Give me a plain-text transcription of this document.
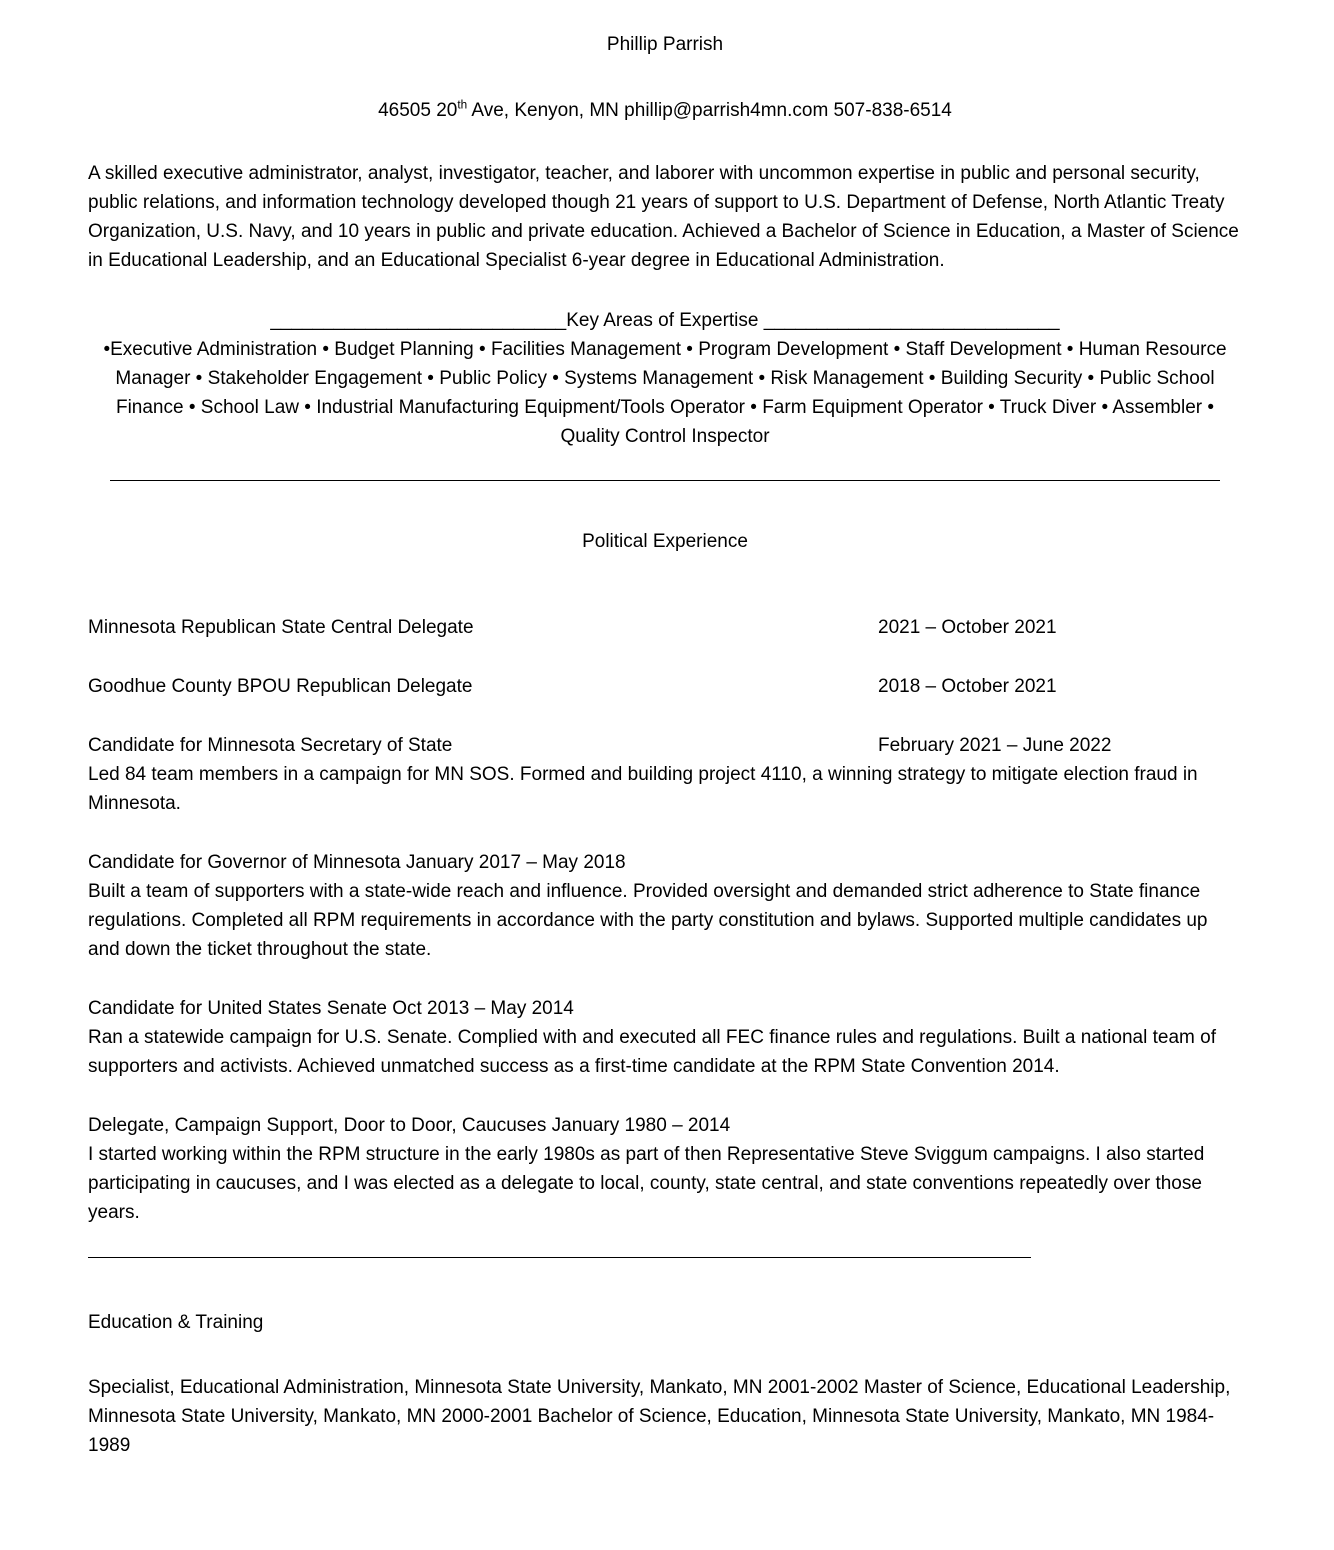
Phillip Parrish

46505 20th Ave, Kenyon, MN phillip@parrish4mn.com 507-838-6514

A skilled executive administrator, analyst, investigator, teacher, and laborer with uncommon expertise in public and personal security, public relations, and information technology developed though 21 years of support to U.S. Department of Defense, North Atlantic Treaty Organization, U.S. Navy, and 10 years in public and private education. Achieved a Bachelor of Science in Education, a Master of Science in Educational Leadership, and an Educational Specialist 6-year degree in Educational Administration.

____________________________Key Areas of Expertise ____________________________

•Executive Administration • Budget Planning • Facilities Management • Program Development • Staff Development • Human Resource Manager • Stakeholder Engagement • Public Policy • Systems Management • Risk Management • Building Security • Public School Finance • School Law • Industrial Manufacturing Equipment/Tools Operator • Farm Equipment Operator • Truck Diver • Assembler • Quality Control Inspector

Political Experience
Minnesota Republican State Central Delegate	2021 – October 2021

Goodhue County BPOU Republican Delegate	2018 – October 2021

Candidate for Minnesota Secretary of State	February 2021 – June 2022

Led 84 team members in a campaign for MN SOS. Formed and building project 4110, a winning strategy to mitigate election fraud in Minnesota.

Candidate for Governor of Minnesota January 2017 – May 2018

Built a team of supporters with a state-wide reach and influence. Provided oversight and demanded strict adherence to State finance regulations. Completed all RPM requirements in accordance with the party constitution and bylaws. Supported multiple candidates up and down the ticket throughout the state.

Candidate for United States Senate Oct 2013 – May 2014

Ran a statewide campaign for U.S. Senate. Complied with and executed all FEC finance rules and regulations. Built a national team of supporters and activists. Achieved unmatched success as a first-time candidate at the RPM State Convention 2014.

Delegate, Campaign Support, Door to Door, Caucuses January 1980 – 2014

I started working within the RPM structure in the early 1980s as part of then Representative Steve Sviggum campaigns. I also started participating in caucuses, and I was elected as a delegate to local, county, state central, and state conventions repeatedly over those years.

Education & Training

Specialist, Educational Administration, Minnesota State University, Mankato, MN 2001-2002 Master of Science, Educational Leadership, Minnesota State University, Mankato, MN 2000-2001 Bachelor of Science, Education, Minnesota State University, Mankato, MN 1984-1989
